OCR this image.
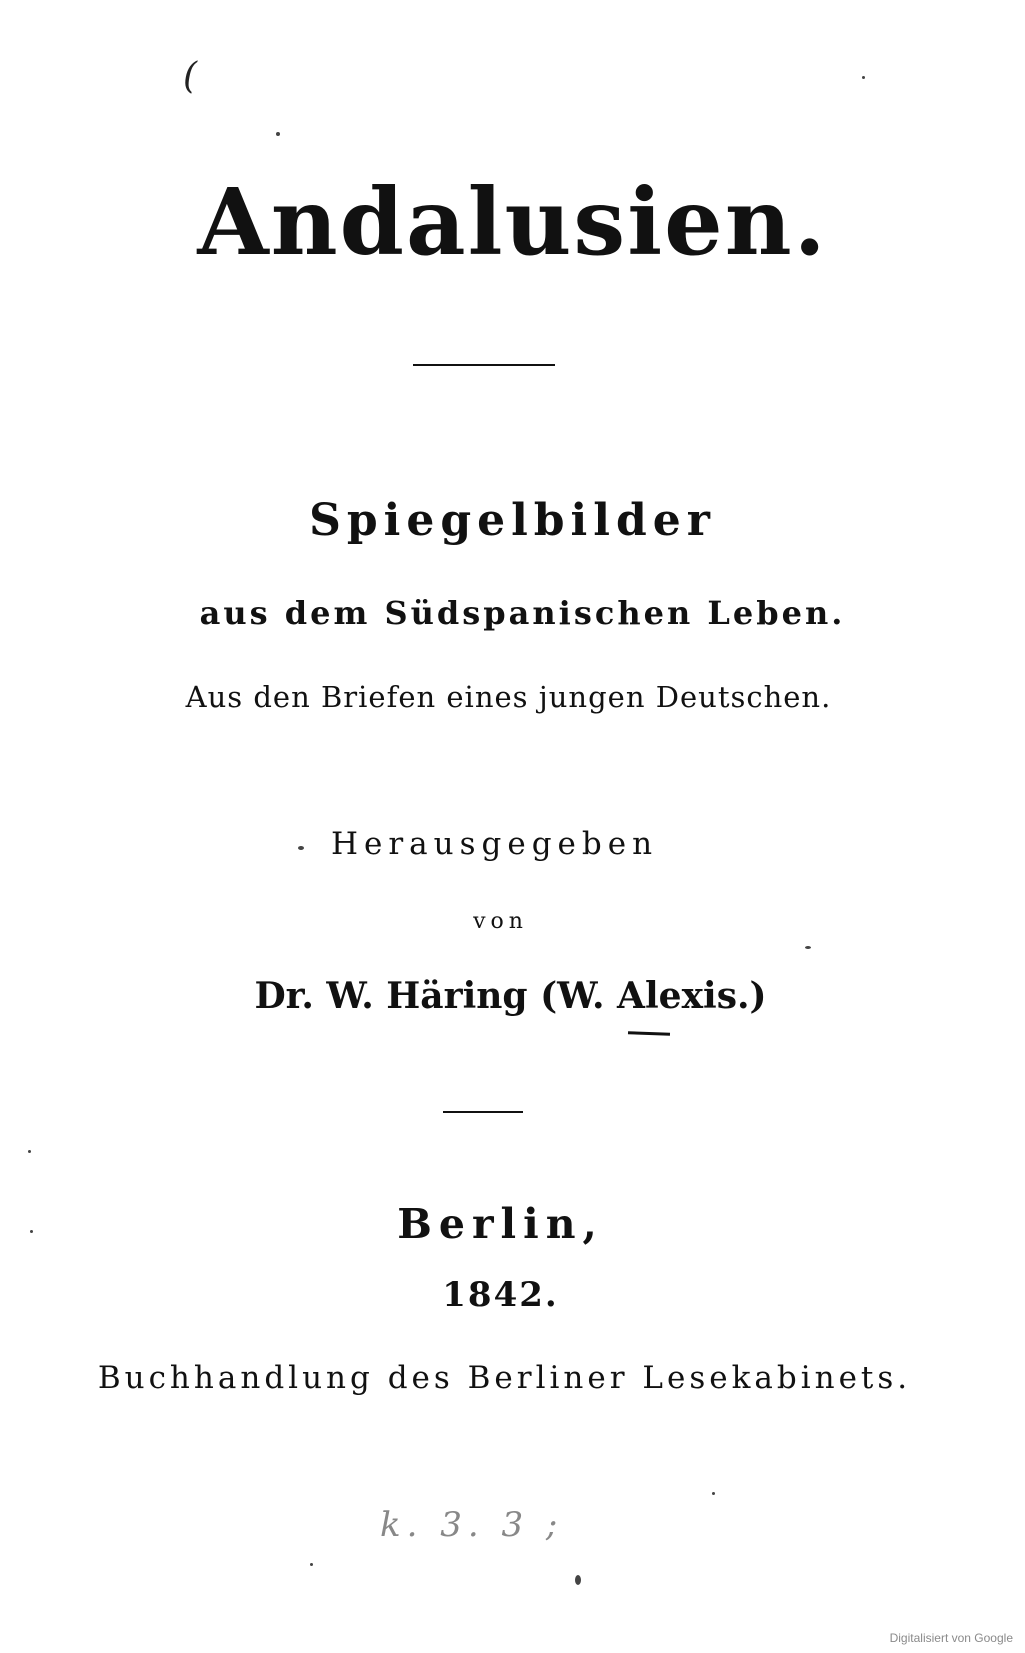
(
Andalusien.
Spiegelbilder
aus dem Südspanischen Leben.
Aus den Briefen eines jungen Deutschen.
Herausgegeben
von
Dr. W. Häring (W. Alexis.)
Berlin,
1842.
Buchhandlung des Berliner Lesekabinets.
k. 3. 3 ;
Digitalisiert von Google
